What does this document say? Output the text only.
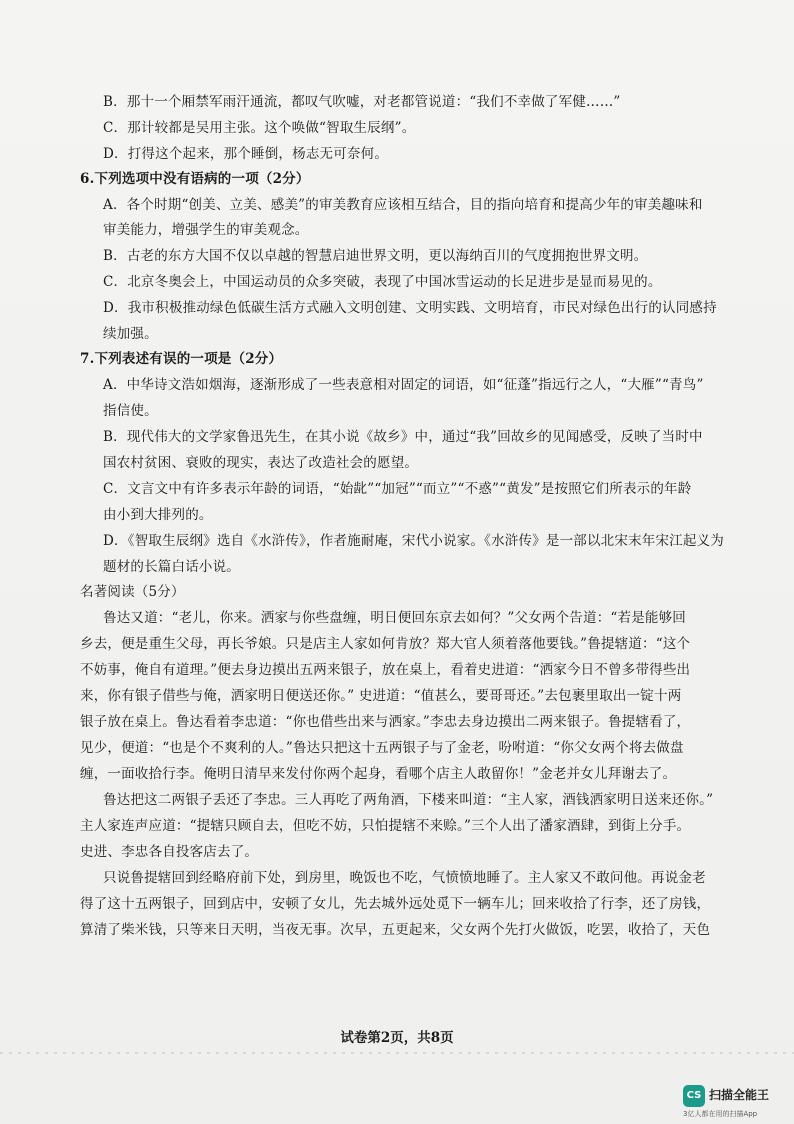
B．那十一个厢禁军雨汗通流，都叹气吹嘘，对老都管说道：“我们不幸做了军健……”
C．那计较都是吴用主张。这个唤做“智取生辰纲”。
D．打得这个起来，那个睡倒，杨志无可奈何。
6.下列选项中没有语病的一项（2分）
A．各个时期“创美、立美、感美”的审美教育应该相互结合，目的指向培育和提高少年的审美趣味和
审美能力，增强学生的审美观念。
B．古老的东方大国不仅以卓越的智慧启迪世界文明，更以海纳百川的气度拥抱世界文明。
C．北京冬奥会上，中国运动员的众多突破，表现了中国冰雪运动的长足进步是显而易见的。
D．我市积极推动绿色低碳生活方式融入文明创建、文明实践、文明培育，市民对绿色出行的认同感持
续加强。
7.下列表述有误的一项是（2分）
A．中华诗文浩如烟海，逐渐形成了一些表意相对固定的词语，如“征蓬”指远行之人，“大雁”“青鸟”
指信使。
B．现代伟大的文学家鲁迅先生，在其小说《故乡》中，通过“我”回故乡的见闻感受，反映了当时中
国农村贫困、衰败的现实，表达了改造社会的愿望。
C．文言文中有许多表示年龄的词语，“始龀”“加冠”“而立”“不惑”“黄发”是按照它们所表示的年龄
由小到大排列的。
D．《智取生辰纲》选自《水浒传》，作者施耐庵，宋代小说家。《水浒传》是一部以北宋末年宋江起义为
题材的长篇白话小说。
名著阅读（5分）
鲁达又道：“老儿，你来。洒家与你些盘缠，明日便回东京去如何？”父女两个告道：“若是能够回
乡去，便是重生父母，再长爷娘。只是店主人家如何肯放？郑大官人须着落他要钱。”鲁提辖道：“这个
不妨事，俺自有道理。”便去身边摸出五两来银子，放在桌上，看着史进道：“洒家今日不曾多带得些出
来，你有银子借些与俺，洒家明日便送还你。” 史进道：“值甚么，要哥哥还。”去包裹里取出一锭十两
银子放在桌上。鲁达看着李忠道：“你也借些出来与洒家。”李忠去身边摸出二两来银子。鲁提辖看了，
见少，便道：“也是个不爽利的人。”鲁达只把这十五两银子与了金老，吩咐道：“你父女两个将去做盘
缠，一面收拾行李。俺明日清早来发付你两个起身，看哪个店主人敢留你！”金老并女儿拜谢去了。
鲁达把这二两银子丢还了李忠。三人再吃了两角酒，下楼来叫道：“主人家，酒钱洒家明日送来还你。”
主人家连声应道：“提辖只顾自去，但吃不妨，只怕提辖不来赊。”三个人出了潘家酒肆，到街上分手。
史进、李忠各自投客店去了。
只说鲁提辖回到经略府前下处，到房里，晚饭也不吃，气愤愤地睡了。主人家又不敢问他。再说金老
得了这十五两银子，回到店中，安顿了女儿，先去城外远处觅下一辆车儿；回来收拾了行李，还了房钱，
算清了柴米钱，只等来日天明，当夜无事。次早，五更起来，父女两个先打火做饭，吃罢，收拾了，天色
试卷第2页，共8页
CS 扫描全能王
3亿人都在用的扫描App
